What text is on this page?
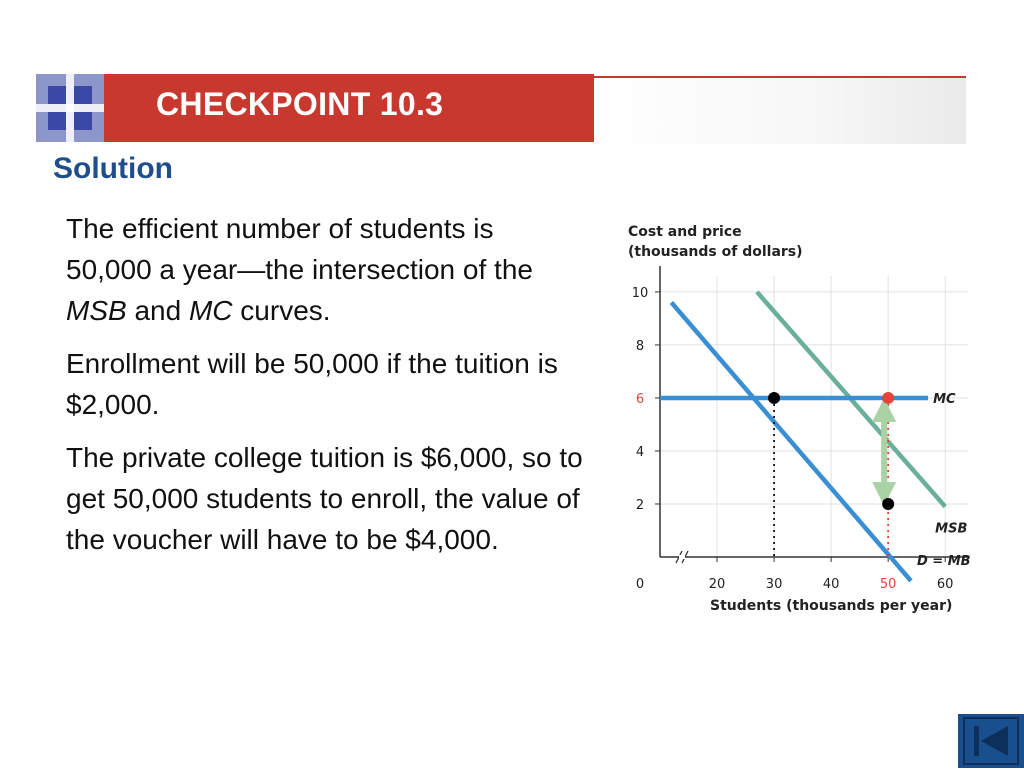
CHECKPOINT 10.3
Solution

The efficient number of students is 50,000 a year—the intersection of the MSB and MC curves.

Enrollment will be 50,000 if the tuition is $2,000.

The private college tuition is $6,000, so to get 50,000 students to enroll, the value of the voucher will have to be $4,000.

2
4
6
8
10
20	30	40	50	60
0
Cost and price
(thousands of dollars)
Students (thousands per year)
MC
MSB
D = MB
